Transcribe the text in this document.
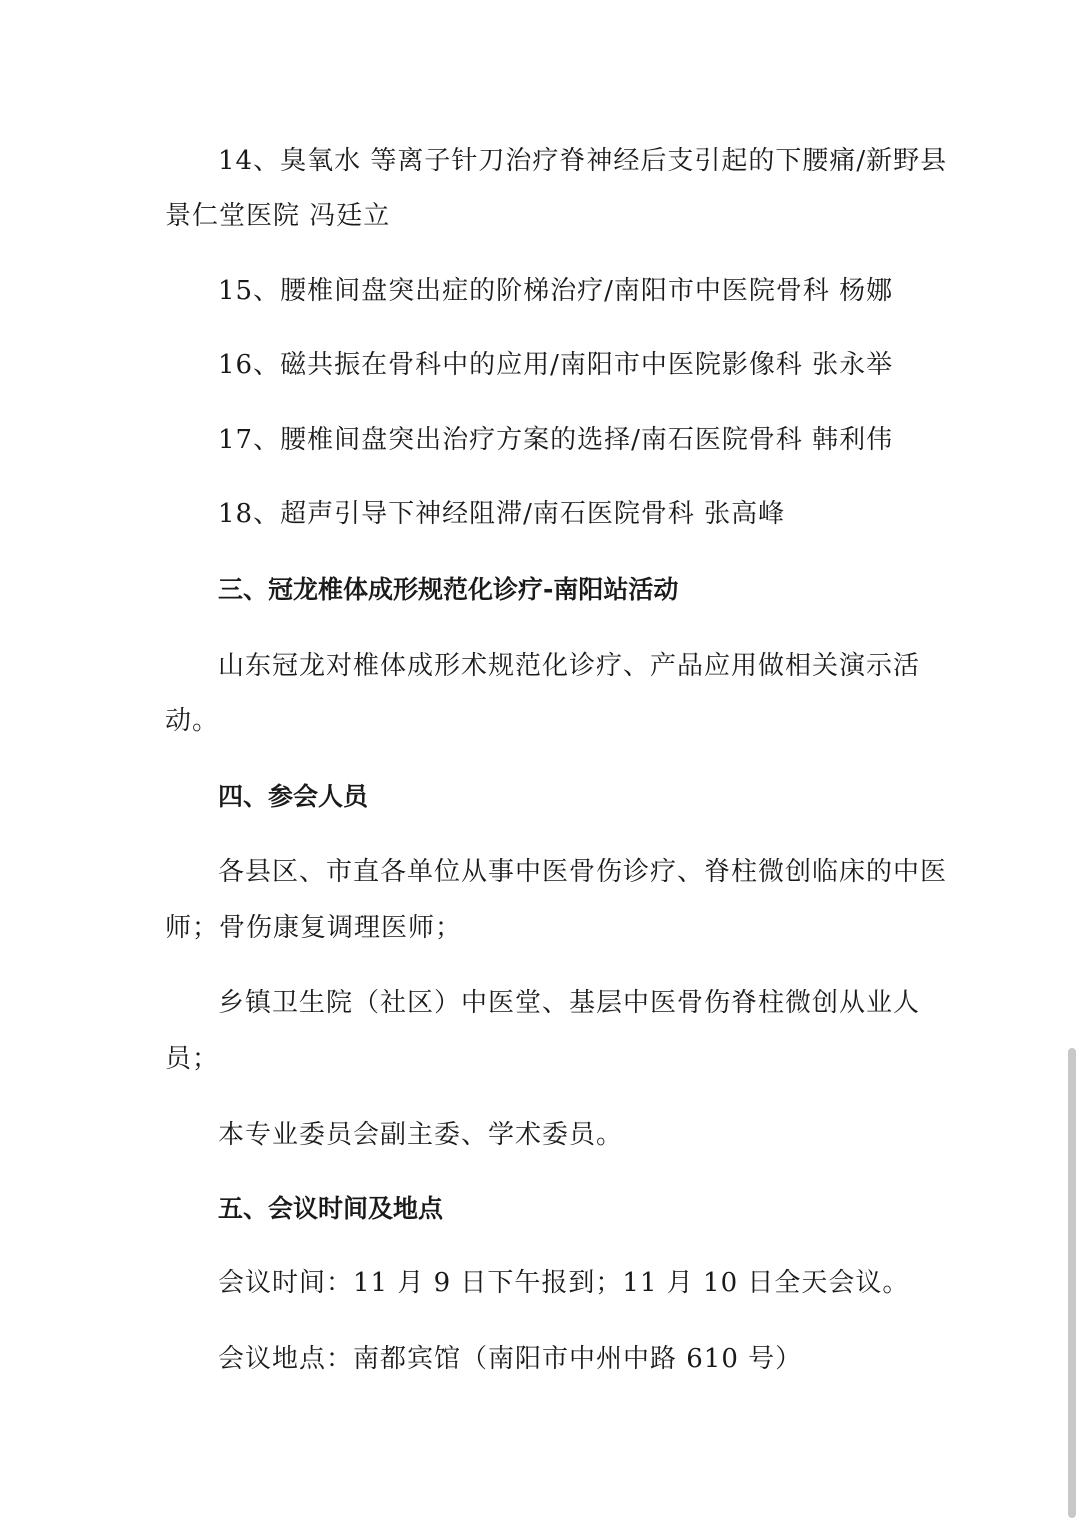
14、臭氧水 等离子针刀治疗脊神经后支引起的下腰痛/新野县
景仁堂医院 冯廷立
15、腰椎间盘突出症的阶梯治疗/南阳市中医院骨科 杨娜
16、磁共振在骨科中的应用/南阳市中医院影像科 张永举
17、腰椎间盘突出治疗方案的选择/南石医院骨科 韩利伟
18、超声引导下神经阻滞/南石医院骨科 张高峰
三、冠龙椎体成形规范化诊疗-南阳站活动
山东冠龙对椎体成形术规范化诊疗、产品应用做相关演示活
动。
四、参会人员
各县区、市直各单位从事中医骨伤诊疗、脊柱微创临床的中医
师；骨伤康复调理医师；
乡镇卫生院（社区）中医堂、基层中医骨伤脊柱微创从业人
员；
本专业委员会副主委、学术委员。
五、会议时间及地点
会议时间：11 月 9 日下午报到；11 月 10 日全天会议。
会议地点：南都宾馆（南阳市中州中路 610 号）
